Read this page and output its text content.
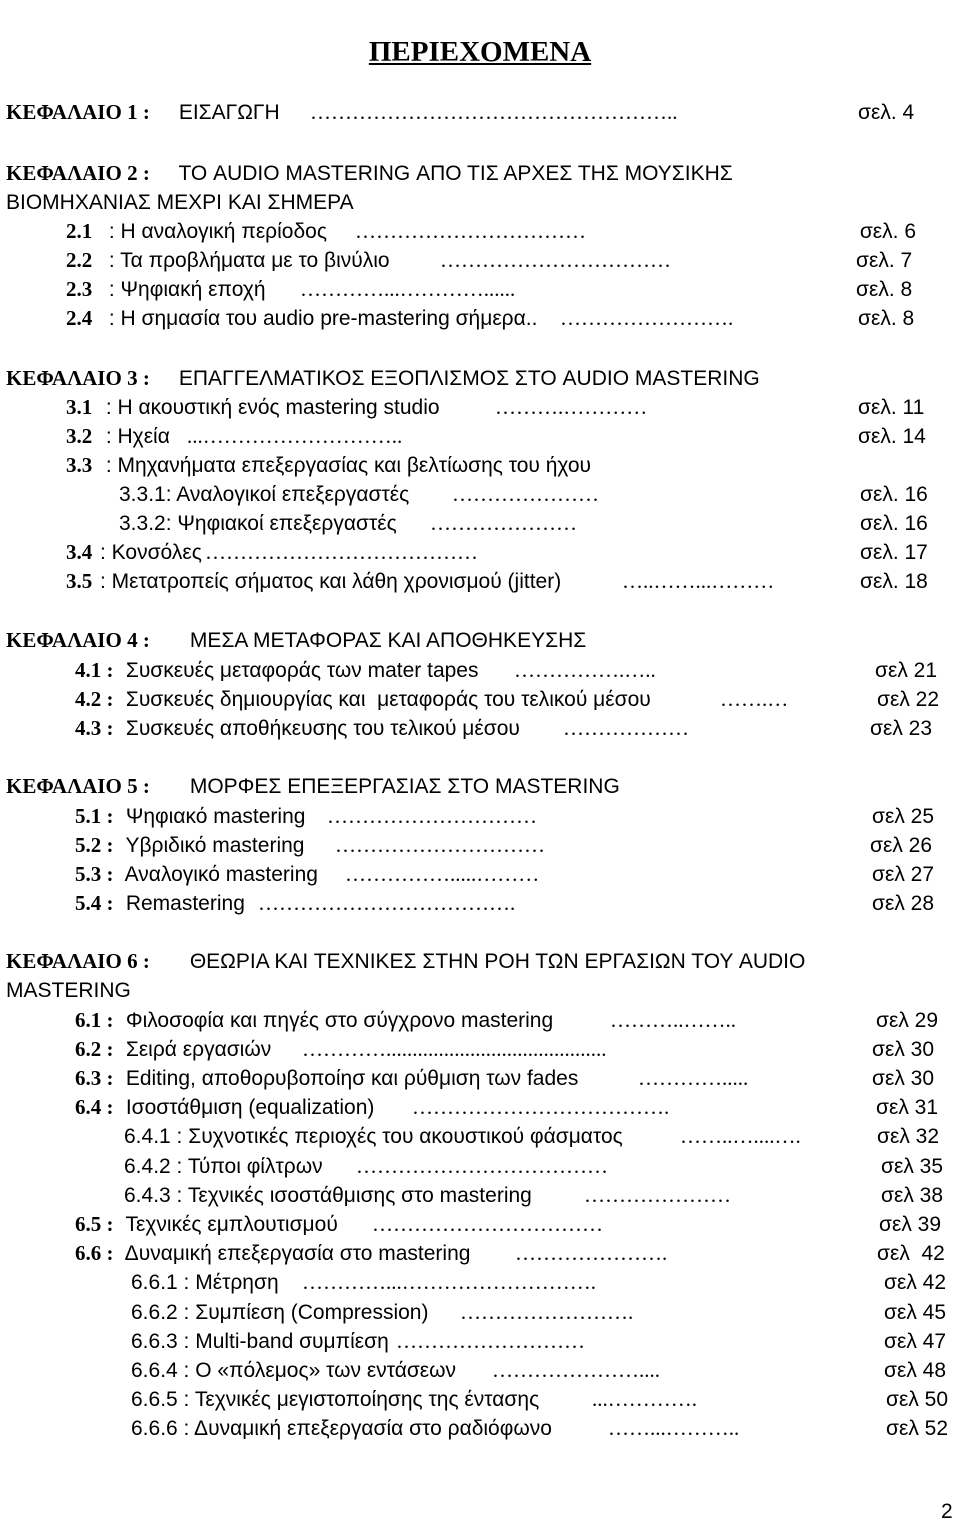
ΠΕΡΙΕΧΟΜΕΝΑ
ΚΕΦΑΛΑΙΟ 1 : ΕΙΣΑΓΩΓΗ ……………………………………………..	σελ. 4
ΚΕΦΑΛΑΙΟ 2 : ΤΟ AUDIO MASTERING ΑΠΟ ΤΙΣ ΑΡΧΕΣ ΤΗΣ ΜΟΥΣΙΚΗΣ
ΒΙΟΜΗΧΑΝΙΑΣ ΜΕΧΡΙ ΚΑΙ ΣΗΜΕΡΑ
2.1 : Η αναλογική περίοδος ……………………………	σελ. 6
2.2 : Τα προβλήματα με το βινύλιο ……………………………	σελ. 7
2.3 : Ψηφιακή εποχή …………...…………......	σελ. 8
2.4 : Η σημασία του audio pre-mastering σήμερα.. …………………….	σελ. 8
ΚΕΦΑΛΑΙΟ 3 : ΕΠΑΓΓΕΛΜΑΤΙΚΟΣ ΕΞΟΠΛΙΣΜΟΣ ΣΤΟ AUDIO MASTERING
3.1 : Η ακουστική ενός mastering studio	……….…………	σελ. 11
3.2 : Ηχεία ...………………………..	σελ. 14
3.3 : Μηχανήματα επεξεργασίας και βελτίωσης του ήχου
3.3.1: Αναλογικοί επεξεργαστές …………………	σελ. 16
3.3.2: Ψηφιακοί επεξεργαστές …………………	σελ. 16
3.4 : Κονσόλες …………………………………	σελ. 17
3.5 : Μετατροπείς σήματος και λάθη χρονισμού (jitter)	…..……...………	σελ. 18
ΚΕΦΑΛΑΙΟ 4 : ΜΕΣΑ ΜΕΤΑΦΟΡΑΣ ΚΑΙ ΑΠΟΘΗΚΕΥΣΗΣ
4.1 : Συσκευές μεταφοράς των mater tapes …………….…..	σελ 21
4.2 : Συσκευές δημιουργίας και  μεταφοράς του τελικού μέσου	…….…	σελ 22
4.3 : Συσκευές αποθήκευσης του τελικού μέσου ………………	σελ 23
ΚΕΦΑΛΑΙΟ 5 : ΜΟΡΦΕΣ ΕΠΕΞΕΡΓΑΣΙΑΣ ΣΤΟ MASTERING
5.1 : Ψηφιακό mastering …………………………	σελ 25
5.2 : Υβριδικό mastering …………………………	σελ 26
5.3 : Αναλογικό mastering …………….....………	σελ 27
5.4 : Remastering ……………………………….	σελ 28
ΚΕΦΑΛΑΙΟ 6 : ΘΕΩΡΙΑ ΚΑΙ ΤΕΧΝΙΚΕΣ ΣΤΗΝ ΡΟΗ ΤΩΝ ΕΡΓΑΣΙΩΝ ΤΟΥ AUDIO
MASTERING
6.1 : Φιλοσοφία και πηγές στο σύγχρονο mastering	………..……..	σελ 29
6.2 : Σειρά εργασιών …………..........................................	σελ 30
6.3 : Editing, αποθορυβοποίησ και ρύθμιση των fades	………….....	σελ 30
6.4 : Ισοστάθμιση (equalization) ……………………………….	σελ 31
6.4.1 : Συχνοτικές περιοχές του ακουστικού φάσματος	……..…....….	σελ 32
6.4.2 : Τύποι φίλτρων ………………………………	σελ 35
6.4.3 : Τεχνικές ισοστάθμισης στο mastering …………………	σελ 38
6.5 : Τεχνικές εμπλουτισμού ……………………………	σελ 39
6.6 : Δυναμική επεξεργασία στο mastering ………………….	σελ  42
6.6.1 : Μέτρηση …………...……………………….	σελ 42
6.6.2 : Συμπίεση (Compression) …………………….	σελ 45
6.6.3 : Multi-band συμπίεση ………………………	σελ 47
6.6.4 : Ο «πόλεμος» των εντάσεων …………………....	σελ 48
6.6.5 : Τεχνικές μεγιστοποίησης της έντασης	...………….	σελ 50
6.6.6 : Δυναμική επεξεργασία στο ραδιόφωνο	……...………..	σελ 52
2
